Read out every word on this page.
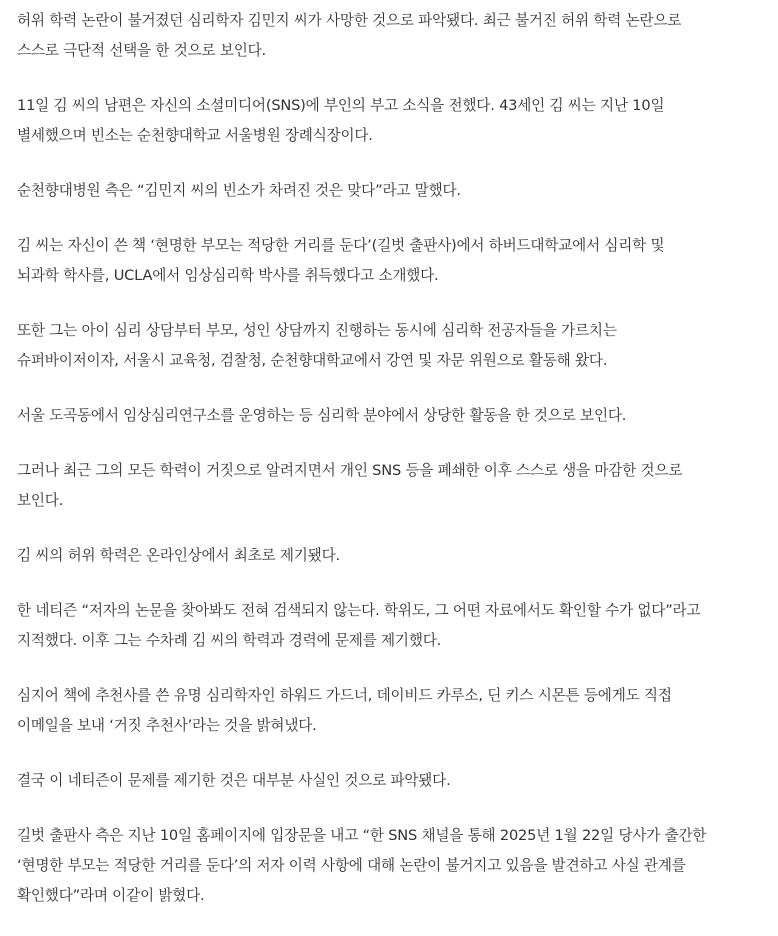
허위 학력 논란이 불거졌던 심리학자 김민지 씨가 사망한 것으로 파악됐다. 최근 불거진 허위 학력 논란으로
스스로 극단적 선택을 한 것으로 보인다.

11일 김 씨의 남편은 자신의 소셜미디어(SNS)에 부인의 부고 소식을 전했다. 43세인 김 씨는 지난 10일
별세했으며 빈소는 순천향대학교 서울병원 장례식장이다.

순천향대병원 측은 “김민지 씨의 빈소가 차려진 것은 맞다”라고 말했다.

김 씨는 자신이 쓴 책 ‘현명한 부모는 적당한 거리를 둔다’(길벗 출판사)에서 하버드대학교에서 심리학 및
뇌과학 학사를, UCLA에서 임상심리학 박사를 취득했다고 소개했다.

또한 그는 아이 심리 상담부터 부모, 성인 상담까지 진행하는 동시에 심리학 전공자들을 가르치는
슈퍼바이저이자, 서울시 교육청, 검찰청, 순천향대학교에서 강연 및 자문 위원으로 활동해 왔다.

서울 도곡동에서 임상심리연구소를 운영하는 등 심리학 분야에서 상당한 활동을 한 것으로 보인다.

그러나 최근 그의 모든 학력이 거짓으로 알려지면서 개인 SNS 등을 폐쇄한 이후 스스로 생을 마감한 것으로
보인다.

김 씨의 허위 학력은 온라인상에서 최초로 제기됐다.

한 네티즌 “저자의 논문을 찾아봐도 전혀 검색되지 않는다. 학위도, 그 어떤 자료에서도 확인할 수가 없다”라고
지적했다. 이후 그는 수차례 김 씨의 학력과 경력에 문제를 제기했다.

심지어 책에 추천사를 쓴 유명 심리학자인 하워드 가드너, 데이비드 카루소, 딘 키스 시몬튼 등에게도 직접
이메일을 보내 ‘거짓 추천사’라는 것을 밝혀냈다.

결국 이 네티즌이 문제를 제기한 것은 대부분 사실인 것으로 파악됐다.

길벗 출판사 측은 지난 10일 홈페이지에 입장문을 내고 “한 SNS 채널을 통해 2025년 1월 22일 당사가 출간한
‘현명한 부모는 적당한 거리를 둔다’의 저자 이력 사항에 대해 논란이 불거지고 있음을 발견하고 사실 관계를
확인했다”라며 이같이 밝혔다.
